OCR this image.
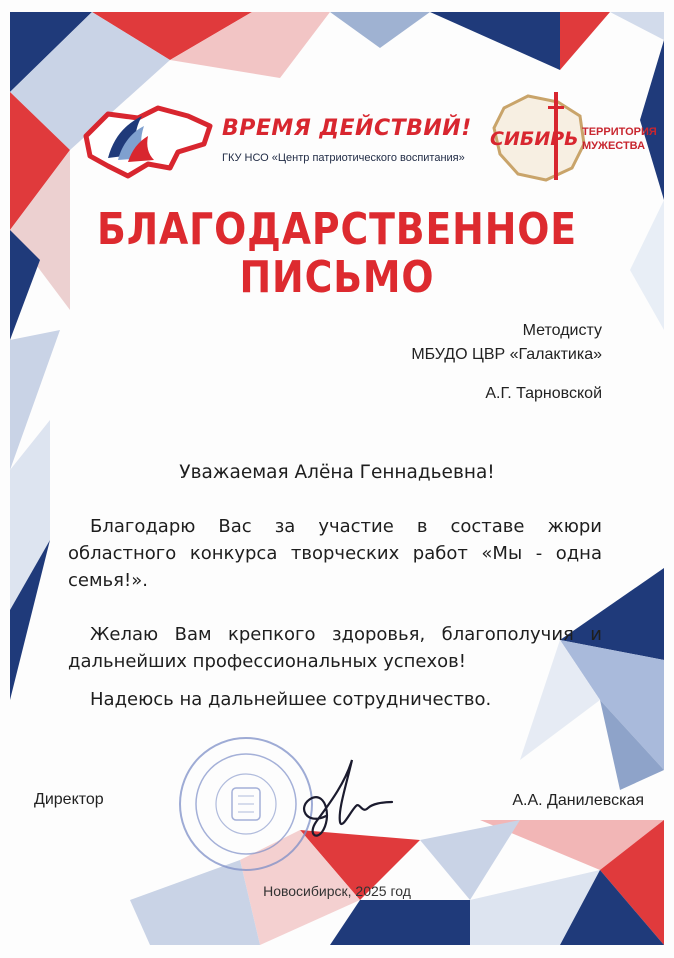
ВРЕМЯ ДЕЙСТВИЙ!
ГКУ НСО «Центр патриотического воспитания»
СИБИРЬ ТЕРРИТОРИЯ
МУЖЕСТВА
БЛАГОДАРСТВЕННОЕ
ПИСЬМО
Методисту
МБУДО ЦВР «Галактика»
А.Г. Тарновской
Уважаемая Алёна Геннадьевна!
Благодарю Вас за участие в составе жюри областного конкурса творческих работ «Мы - одна семья!».
Желаю Вам крепкого здоровья, благополучия и дальнейших профессиональных успехов!
Надеюсь на дальнейшее сотрудничество.
Директор	А.А. Данилевская
Новосибирск, 2025 год
